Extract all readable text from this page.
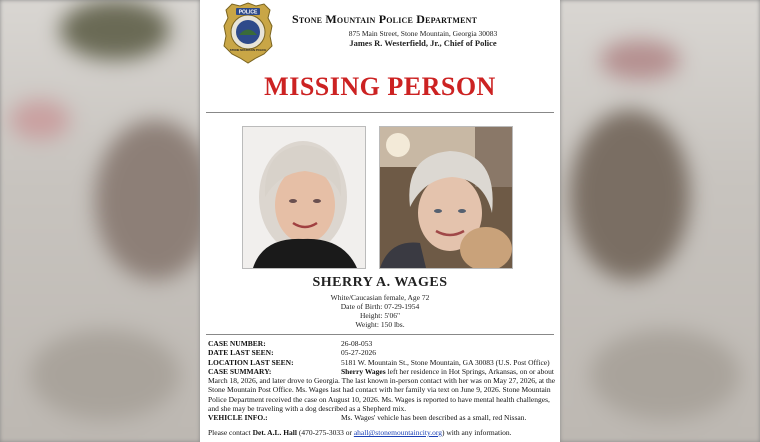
POLICE
STONE MOUNTAIN POLICE
Stone Mountain Police Department
875 Main Street, Stone Mountain, Georgia 30083
James R. Westerfield, Jr., Chief of Police
MISSING PERSON
SHERRY A. WAGES
White/Caucasian female, Age 72
Date of Birth: 07-29-1954
Height: 5'06"
Weight: 150 lbs.
CASE NUMBER:	26-08-053
DATE LAST SEEN:	05-27-2026
LOCATION LAST SEEN:	5181 W. Mountain St., Stone Mountain, GA 30083 (U.S. Post Office)
CASE SUMMARY:	Sherry Wages left her residence in Hot Springs, Arkansas, on or about

March 18, 2026, and later drove to Georgia. The last known in-person contact with her was on May 27, 2026, at the Stone Mountain Post Office. Ms. Wages last had contact with her family via text on June 9, 2026. Stone Mountain Police Department received the case on August 10, 2026. Ms. Wages is reported to have mental health challenges, and she may be traveling with a dog described as a Shepherd mix.

VEHICLE INFO.:	Ms. Wages' vehicle has been described as a small, red Nissan.
Please contact Det. A.L. Hall (470-275-3033 or ahall@stonemountaincity.org) with any information.
